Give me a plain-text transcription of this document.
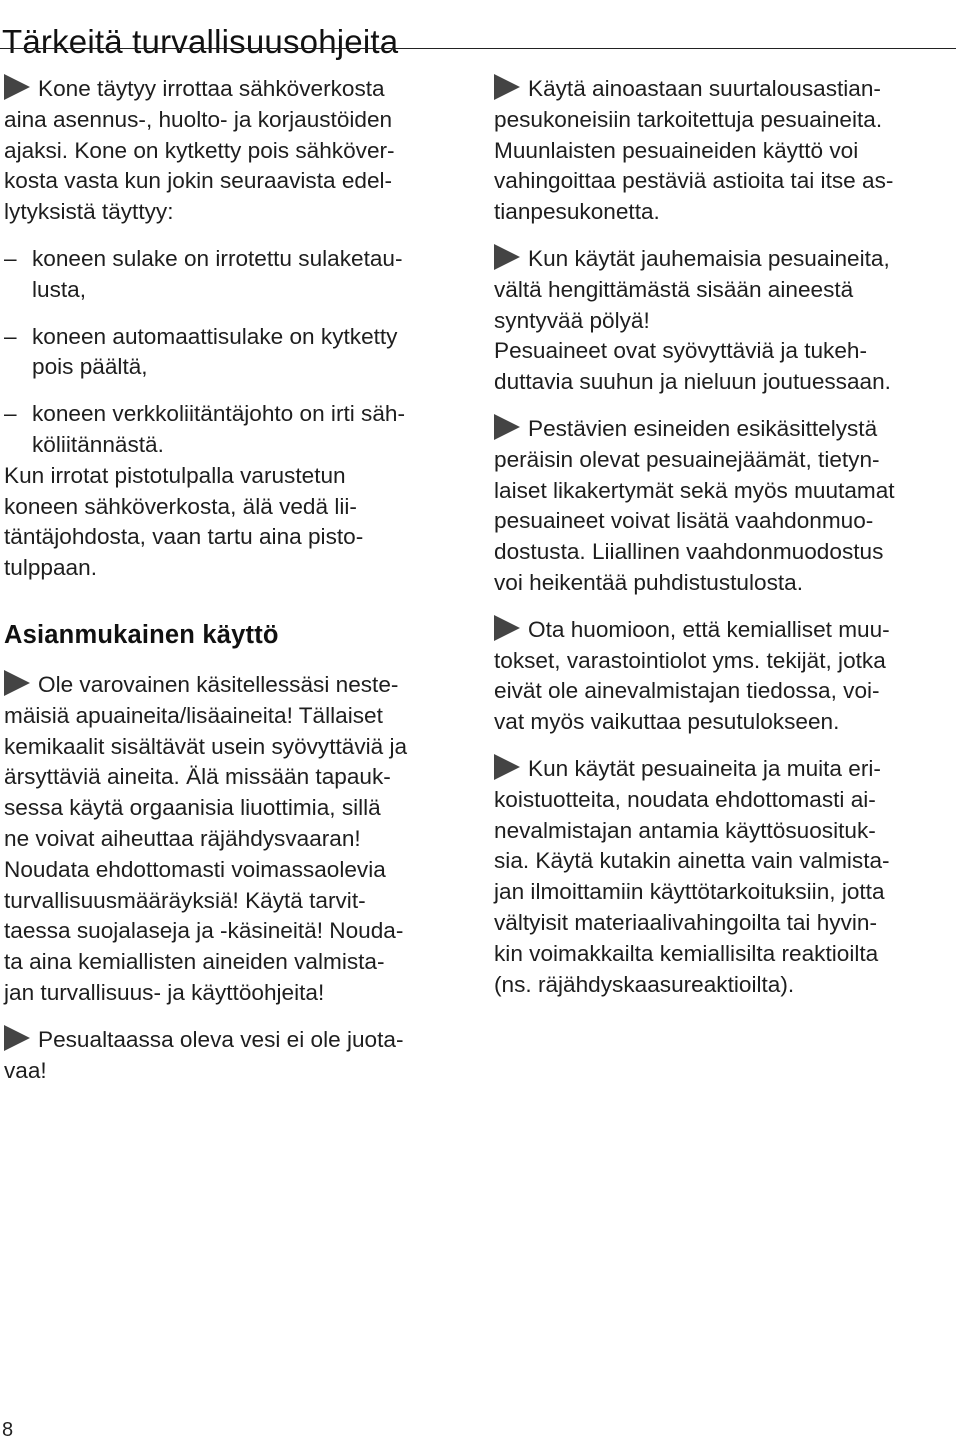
Tärkeitä turvallisuusohjeita

Kone täytyy irrottaa sähköverkosta
aina asennus-, huolto- ja korjaustöiden
ajaksi. Kone on kytketty pois sähköver-
kosta vasta kun jokin seuraavista edel-
lytyksistä täyttyy:

– koneen sulake on irrotettu sulaketau-
lusta,
– koneen automaattisulake on kytketty
pois päältä,
– koneen verkkoliitäntäjohto on irti säh-
köliitännästä.

Kun irrotat pistotulpalla varustetun
koneen sähköverkosta, älä vedä lii-
täntäjohdosta, vaan tartu aina pisto-
tulppaan.

Asianmukainen käyttö

Ole varovainen käsitellessäsi neste-
mäisiä apuaineita/lisäaineita! Tällaiset
kemikaalit sisältävät usein syövyttäviä ja
ärsyttäviä aineita. Älä missään tapauk-
sessa käytä orgaanisia liuottimia, sillä
ne voivat aiheuttaa räjähdysvaaran!
Noudata ehdottomasti voimassaolevia
turvallisuusmääräyksiä! Käytä tarvit-
taessa suojalaseja ja -käsineitä! Nouda-
ta aina kemiallisten aineiden valmista-
jan turvallisuus- ja käyttöohjeita!

Pesualtaassa oleva vesi ei ole juota-
vaa!

Käytä ainoastaan suurtalousastian-
pesukoneisiin tarkoitettuja pesuaineita.
Muunlaisten pesuaineiden käyttö voi
vahingoittaa pestäviä astioita tai itse as-
tianpesukonetta.

Kun käytät jauhemaisia pesuaineita,
vältä hengittämästä sisään aineestä
syntyvää pölyä!
Pesuaineet ovat syövyttäviä ja tukeh-
duttavia suuhun ja nieluun joutuessaan.

Pestävien esineiden esikäsittelystä
peräisin olevat pesuainejäämät, tietyn-
laiset likakertymät sekä myös muutamat
pesuaineet voivat lisätä vaahdonmuo-
dostusta. Liiallinen vaahdonmuodostus
voi heikentää puhdistustulosta.

Ota huomioon, että kemialliset muu-
tokset, varastointiolot yms. tekijät, jotka
eivät ole ainevalmistajan tiedossa, voi-
vat myös vaikuttaa pesutulokseen.

Kun käytät pesuaineita ja muita eri-
koistuotteita, noudata ehdottomasti ai-
nevalmistajan antamia käyttösuosituk-
sia. Käytä kutakin ainetta vain valmista-
jan ilmoittamiin käyttötarkoituksiin, jotta
vältyisit materiaalivahingoilta tai hyvin-
kin voimakkailta kemiallisilta reaktioilta
(ns. räjähdyskaasureaktioilta).

8
